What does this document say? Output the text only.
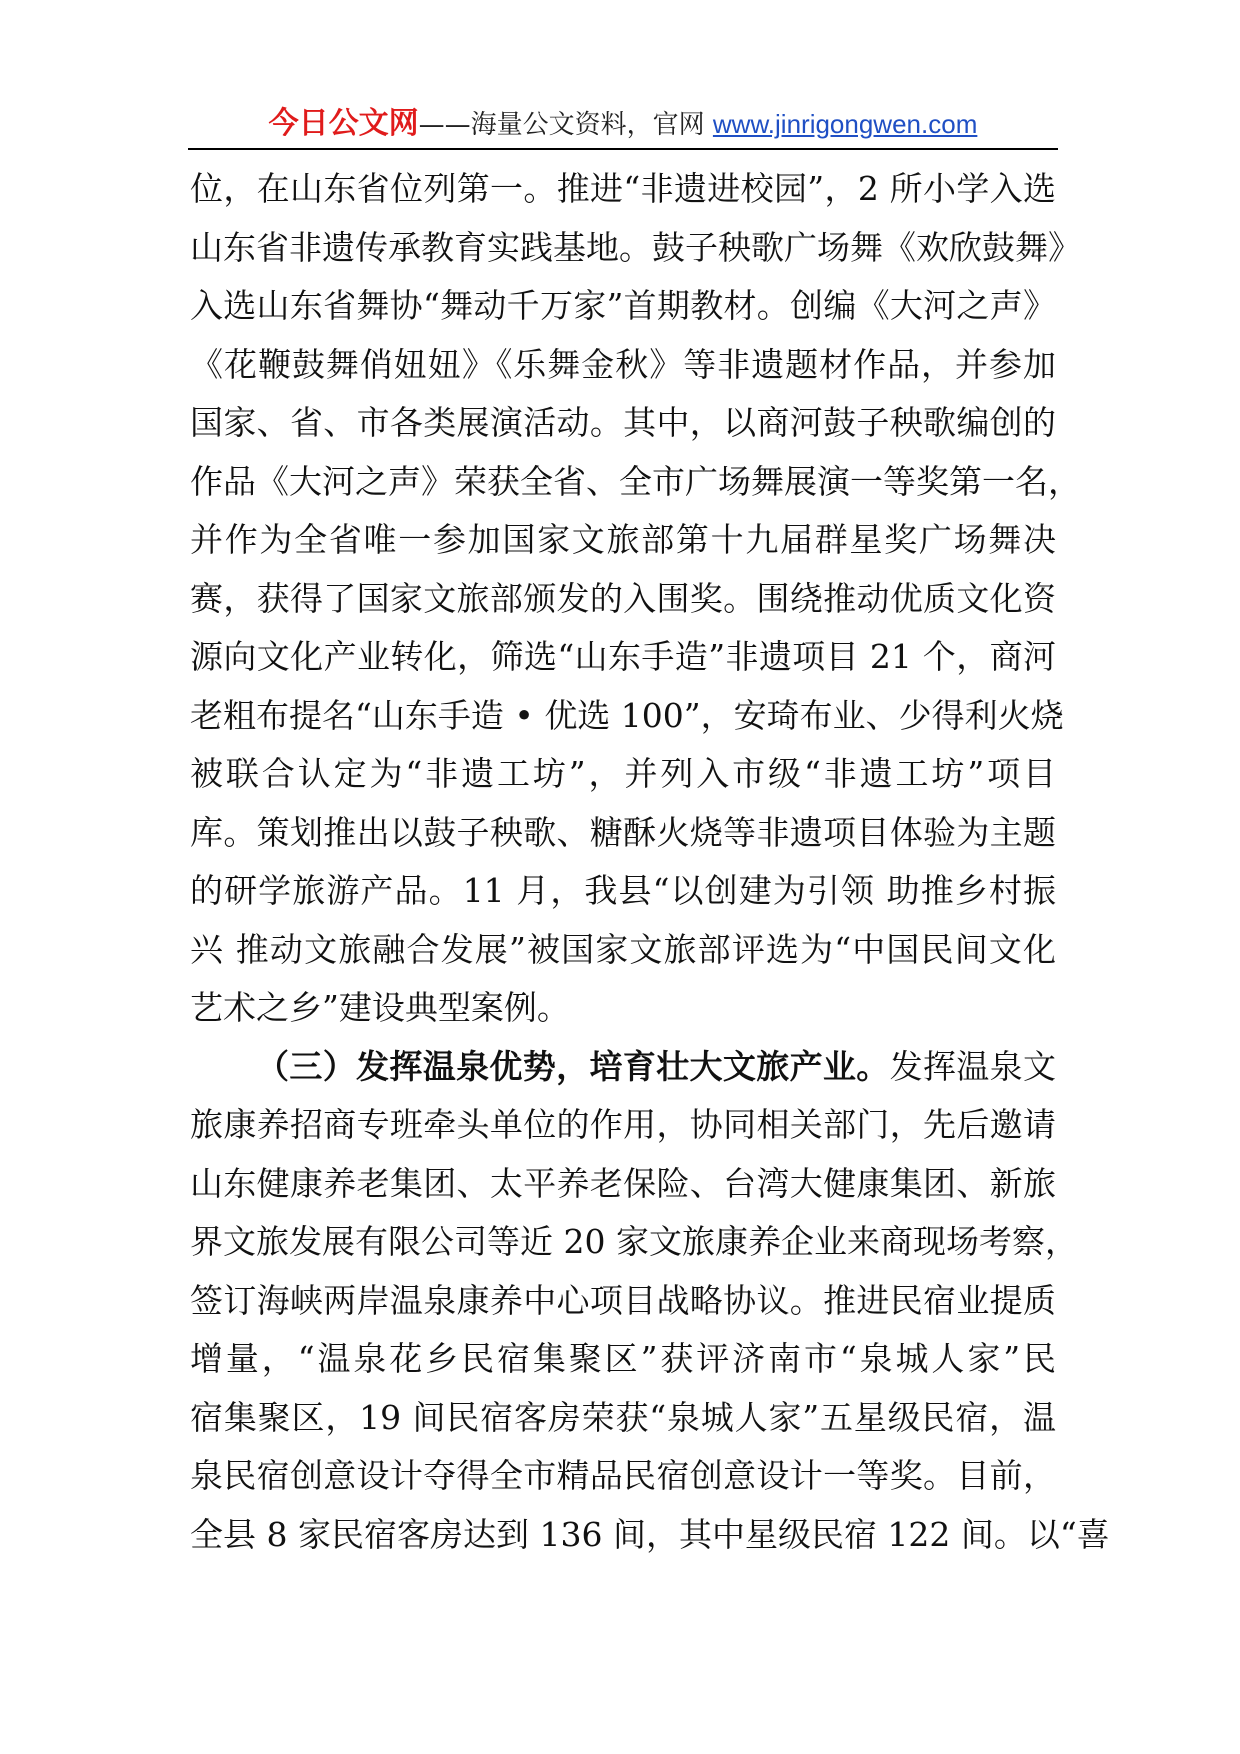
今日公文网——海量公文资料，官网 www.jinrigongwen.com
位，在山东省位列第一。推进“非遗进校园”，2 所小学入选
山东省非遗传承教育实践基地。鼓子秧歌广场舞《欢欣鼓舞》
入选山东省舞协“舞动千万家”首期教材。创编《大河之声》
《花鞭鼓舞俏妞妞》《乐舞金秋》等非遗题材作品，并参加
国家、省、市各类展演活动。其中，以商河鼓子秧歌编创的
作品《大河之声》荣获全省、全市广场舞展演一等奖第一名，
并作为全省唯一参加国家文旅部第十九届群星奖广场舞决
赛，获得了国家文旅部颁发的入围奖。围绕推动优质文化资
源向文化产业转化，筛选“山东手造”非遗项目 21 个，商河
老粗布提名“山东手造 • 优选 100”，安琦布业、少得利火烧
被联合认定为“非遗工坊”，并列入市级“非遗工坊”项目
库。策划推出以鼓子秧歌、糖酥火烧等非遗项目体验为主题
的研学旅游产品。11 月，我县“以创建为引领 助推乡村振
兴 推动文旅融合发展”被国家文旅部评选为“中国民间文化
艺术之乡”建设典型案例。
（三）发挥温泉优势，培育壮大文旅产业。发挥温泉文
旅康养招商专班牵头单位的作用，协同相关部门，先后邀请
山东健康养老集团、太平养老保险、台湾大健康集团、新旅
界文旅发展有限公司等近 20 家文旅康养企业来商现场考察，
签订海峡两岸温泉康养中心项目战略协议。推进民宿业提质
增量，“温泉花乡民宿集聚区”获评济南市“泉城人家”民
宿集聚区，19 间民宿客房荣获“泉城人家”五星级民宿，温
泉民宿创意设计夺得全市精品民宿创意设计一等奖。目前，
全县 8 家民宿客房达到 136 间，其中星级民宿 122 间。以“喜
